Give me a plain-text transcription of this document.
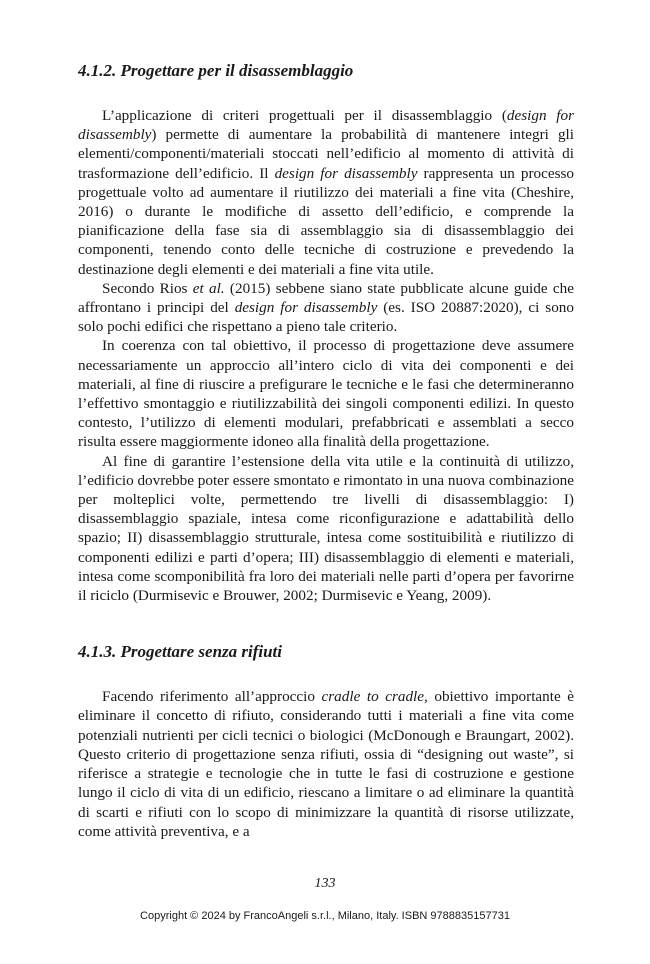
4.1.2. Progettare per il disassemblaggio

L’applicazione di criteri progettuali per il disassemblaggio (design for disassembly) permette di aumentare la probabilità di mantenere integri gli elementi/componenti/materiali stoccati nell’edificio al momento di attività di trasformazione dell’edificio. Il design for disassembly rappresenta un processo progettuale volto ad aumentare il riutilizzo dei materiali a fine vita (Cheshire, 2016) o durante le modifiche di assetto dell’edificio, e comprende la pianificazione della fase sia di assemblaggio sia di disassemblaggio dei componenti, tenendo conto delle tecniche di costruzione e prevedendo la destinazione degli elementi e dei materiali a fine vita utile.

Secondo Rios et al. (2015) sebbene siano state pubblicate alcune guide che affrontano i principi del design for disassembly (es. ISO 20887:2020), ci sono solo pochi edifici che rispettano a pieno tale criterio.

In coerenza con tal obiettivo, il processo di progettazione deve assumere necessariamente un approccio all’intero ciclo di vita dei componenti e dei materiali, al fine di riuscire a prefigurare le tecniche e le fasi che determineranno l’effettivo smontaggio e riutilizzabilità dei singoli componenti edilizi. In questo contesto, l’utilizzo di elementi modulari, prefabbricati e assemblati a secco risulta essere maggiormente idoneo alla finalità della progettazione.

Al fine di garantire l’estensione della vita utile e la continuità di utilizzo, l’edificio dovrebbe poter essere smontato e rimontato in una nuova combinazione per molteplici volte, permettendo tre livelli di disassemblaggio: I) disassemblaggio spaziale, intesa come riconfigurazione e adattabilità dello spazio; II) disassemblaggio strutturale, intesa come sostituibilità e riutilizzo di componenti edilizi e parti d’opera; III) disassemblaggio di elementi e materiali, intesa come scomponibilità fra loro dei materiali nelle parti d’opera per favorirne il riciclo (Durmisevic e Brouwer, 2002; Durmisevic e Yeang, 2009).

4.1.3. Progettare senza rifiuti

Facendo riferimento all’approccio cradle to cradle, obiettivo importante è eliminare il concetto di rifiuto, considerando tutti i materiali a fine vita come potenziali nutrienti per cicli tecnici o biologici (McDonough e Braungart, 2002). Questo criterio di progettazione senza rifiuti, ossia di “designing out waste”, si riferisce a strategie e tecnologie che in tutte le fasi di costruzione e gestione lungo il ciclo di vita di un edificio, riescano a limitare o ad eliminare la quantità di scarti e rifiuti con lo scopo di minimizzare la quantità di risorse utilizzate, come attività preventiva, e a

133
Copyright © 2024 by FrancoAngeli s.r.l., Milano, Italy. ISBN 9788835157731
